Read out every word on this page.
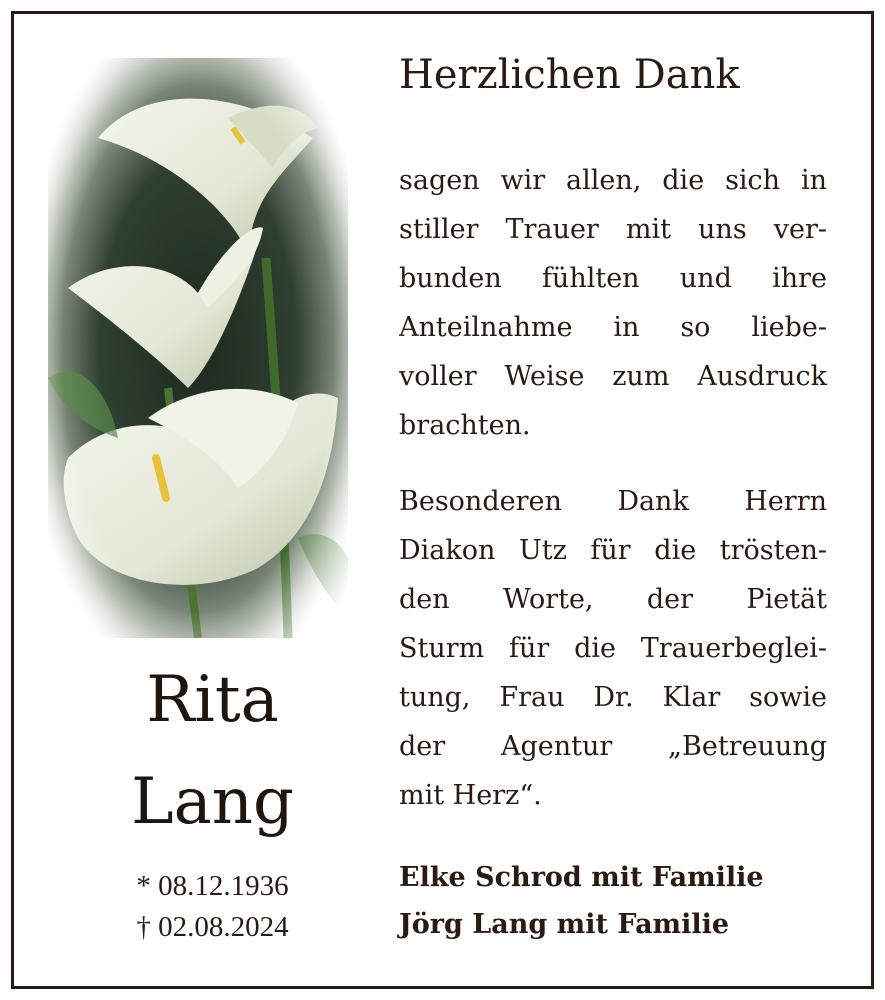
Rita
Lang
* 08.12.1936
† 02.08.2024
Herzlichen Dank
sagen wir allen, die sich in
stiller Trauer mit uns ver-
bunden fühlten und ihre
Anteilnahme in so liebe-
voller Weise zum Ausdruck
brachten.
Besonderen Dank Herrn
Diakon Utz für die trösten-
den Worte, der Pietät
Sturm für die Trauerbeglei-
tung, Frau Dr. Klar sowie
der Agentur „Betreuung
mit Herz“.
Elke Schrod mit Familie
Jörg Lang mit Familie
